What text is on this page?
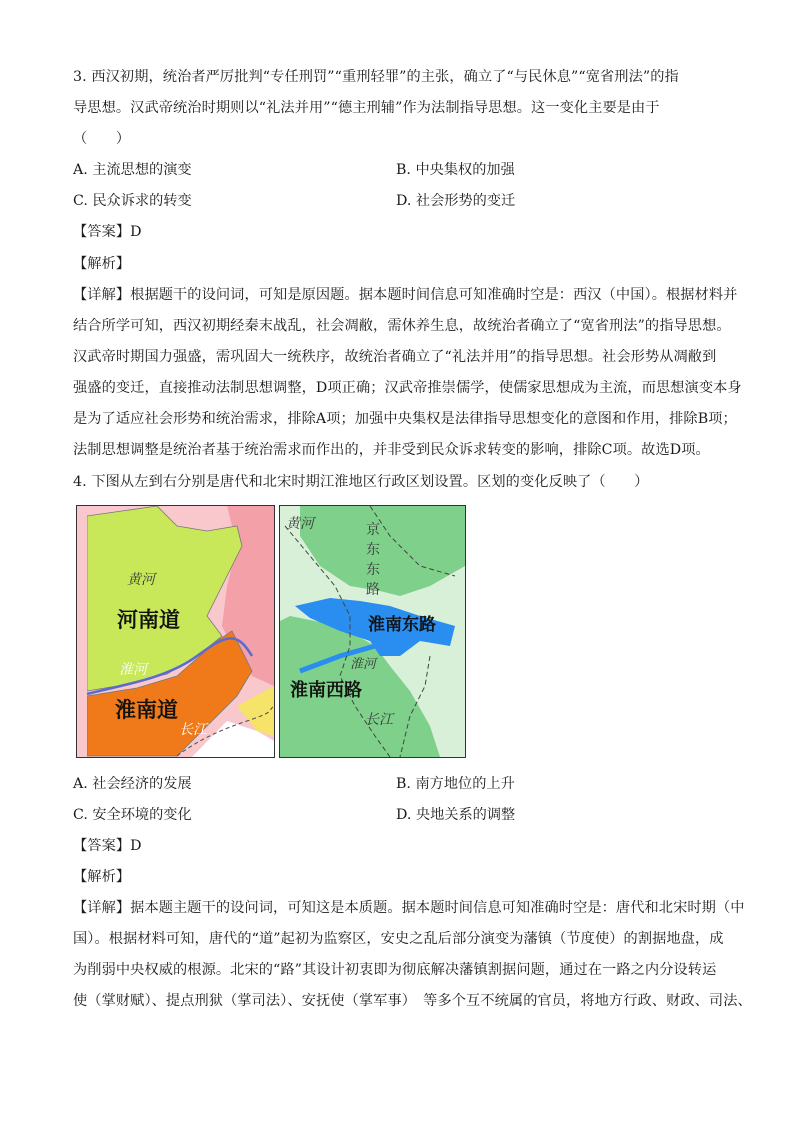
3. 西汉初期，统治者严厉批判“专任刑罚”“重刑轻罪”的主张，确立了“与民休息”“宽省刑法”的指
导思想。汉武帝统治时期则以“礼法并用”“德主刑辅”作为法制指导思想。这一变化主要是由于
（　　）
A. 主流思想的演变	B. 中央集权的加强
C. 民众诉求的转变	D. 社会形势的变迁
【答案】D
【解析】
【详解】根据题干的设问词，可知是原因题。据本题时间信息可知准确时空是：西汉（中国）。根据材料并
结合所学可知，西汉初期经秦末战乱，社会凋敝，需休养生息，故统治者确立了“宽省刑法”的指导思想。
汉武帝时期国力强盛，需巩固大一统秩序，故统治者确立了“礼法并用”的指导思想。社会形势从凋敝到
强盛的变迁，直接推动法制思想调整，D项正确；汉武帝推崇儒学，使儒家思想成为主流，而思想演变本身
是为了适应社会形势和统治需求，排除A项；加强中央集权是法律指导思想变化的意图和作用，排除B项；
法制思想调整是统治者基于统治需求而作出的，并非受到民众诉求转变的影响，排除C项。故选D项。
4. 下图从左到右分别是唐代和北宋时期江淮地区行政区划设置。区划的变化反映了（　　）
黄河
河南道
淮河
淮南道
长江
黄河	京
东
东
路
淮南东路
淮河
淮南西路
长江
A. 社会经济的发展	B. 南方地位的上升
C. 安全环境的变化	D. 央地关系的调整
【答案】D
【解析】
【详解】据本题主题干的设问词，可知这是本质题。据本题时间信息可知准确时空是：唐代和北宋时期（中
国）。根据材料可知，唐代的“道”起初为监察区，安史之乱后部分演变为藩镇（节度使）的割据地盘，成
为削弱中央权威的根源。北宋的“路”其设计初衷即为彻底解决藩镇割据问题，通过在一路之内分设转运
使（掌财赋）、提点刑狱（掌司法）、安抚使（掌军事）　等多个互不统属的官员，将地方行政、财政、司法、
